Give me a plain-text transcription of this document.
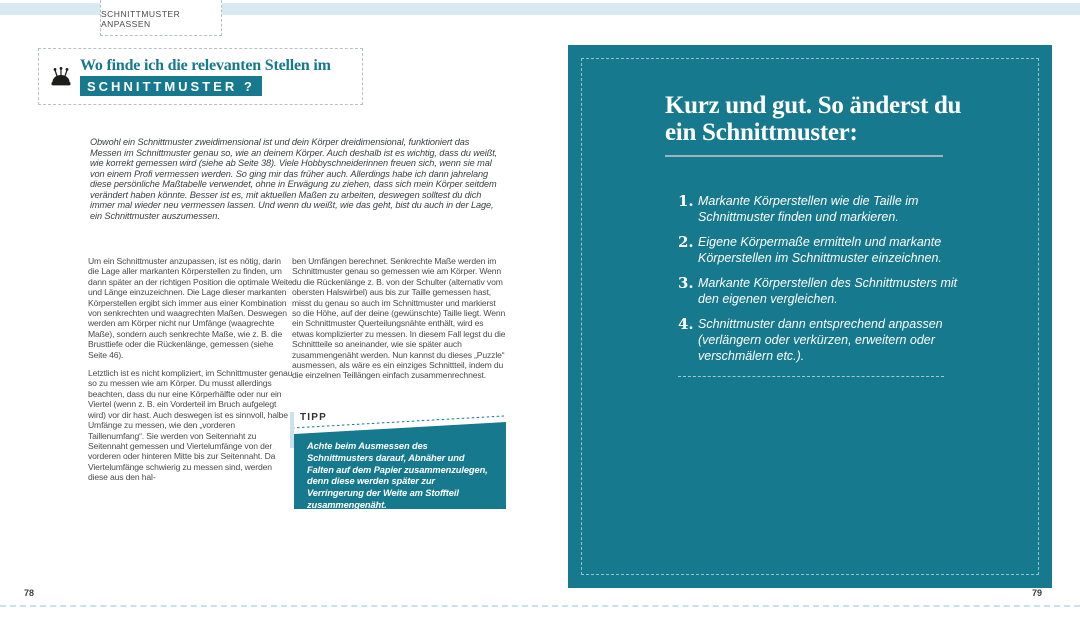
SCHNITTMUSTER ANPASSEN
Wo finde ich die relevanten Stellen im
SCHNITTMUSTER ?
Obwohl ein Schnittmuster zweidimensional ist und dein Körper dreidimensional, funktioniert das Messen im Schnittmuster genau so, wie an deinem Körper. Auch deshalb ist es wichtig, dass du weißt, wie korrekt gemessen wird (siehe ab Seite 38). Viele Hobbyschneiderinnen freuen sich, wenn sie mal von einem Profi vermessen werden. So ging mir das früher auch. Allerdings habe ich dann jahrelang diese persönliche Maßtabelle verwendet, ohne in Erwägung zu ziehen, dass sich mein Körper seitdem verändert haben könnte. Besser ist es, mit aktuellen Maßen zu arbeiten, deswegen solltest du dich immer mal wieder neu vermessen lassen. Und wenn du weißt, wie das geht, bist du auch in der Lage, ein Schnittmuster auszumessen.

Um ein Schnittmuster anzupassen, ist es nötig, darin die Lage aller markanten Körperstellen zu finden, um dann später an der richtigen Position die optimale Weite und Länge einzuzeichnen. Die Lage dieser markanten Körperstellen ergibt sich immer aus einer Kombination von senkrechten und waagrechten Maßen. Deswegen werden am Körper nicht nur Umfänge (waagrechte Maße), sondern auch senkrechte Maße, wie z. B. die Brusttiefe oder die Rückenlänge, gemessen (siehe Seite 46).

Letztlich ist es nicht kompliziert, im Schnittmuster genau so zu messen wie am Körper. Du musst allerdings beachten, dass du nur eine Körperhälfte oder nur ein Viertel (wenn z. B. ein Vorderteil im Bruch aufgelegt wird) vor dir hast. Auch deswegen ist es sinnvoll, halbe Umfänge zu messen, wie den „vorderen Taillenumfang“. Sie werden von Seitennaht zu Seitennaht gemessen und Viertelumfänge von der vorderen oder hinteren Mitte bis zur Seitennaht. Da Viertelumfänge schwierig zu messen sind, werden diese aus den hal-

ben Umfängen berechnet. Senkrechte Maße werden im Schnittmuster genau so gemessen wie am Körper. Wenn du die Rückenlänge z. B. von der Schulter (alternativ vom obersten Halswirbel) aus bis zur Taille gemessen hast, misst du genau so auch im Schnittmuster und markierst so die Höhe, auf der deine (gewünschte) Taille liegt. Wenn ein Schnittmuster Querteilungsnähte enthält, wird es etwas komplizierter zu messen. In diesem Fall legst du die Schnittteile so aneinander, wie sie später auch zusammengenäht werden. Nun kannst du dieses „Puzzle“ ausmessen, als wäre es ein einziges Schnittteil, indem du die einzelnen Teillängen einfach zusammenrechnest.

TIPP
Achte beim Ausmessen des Schnittmusters darauf, Abnäher und Falten auf dem Papier zusammenzulegen, denn diese werden später zur Verringerung der Weite am Stoffteil zusammengenäht.
Kurz und gut. So änderst du
ein Schnittmuster:
1. Markante Körperstellen wie die Taille im Schnittmuster finden und markieren.
2. Eigene Körpermaße ermitteln und markante Körperstellen im Schnittmuster einzeichnen.
3. Markante Körperstellen des Schnittmusters mit den eigenen vergleichen.
4. Schnittmuster dann entsprechend anpassen (verlängern oder verkürzen, erweitern oder verschmälern etc.).
78	79
